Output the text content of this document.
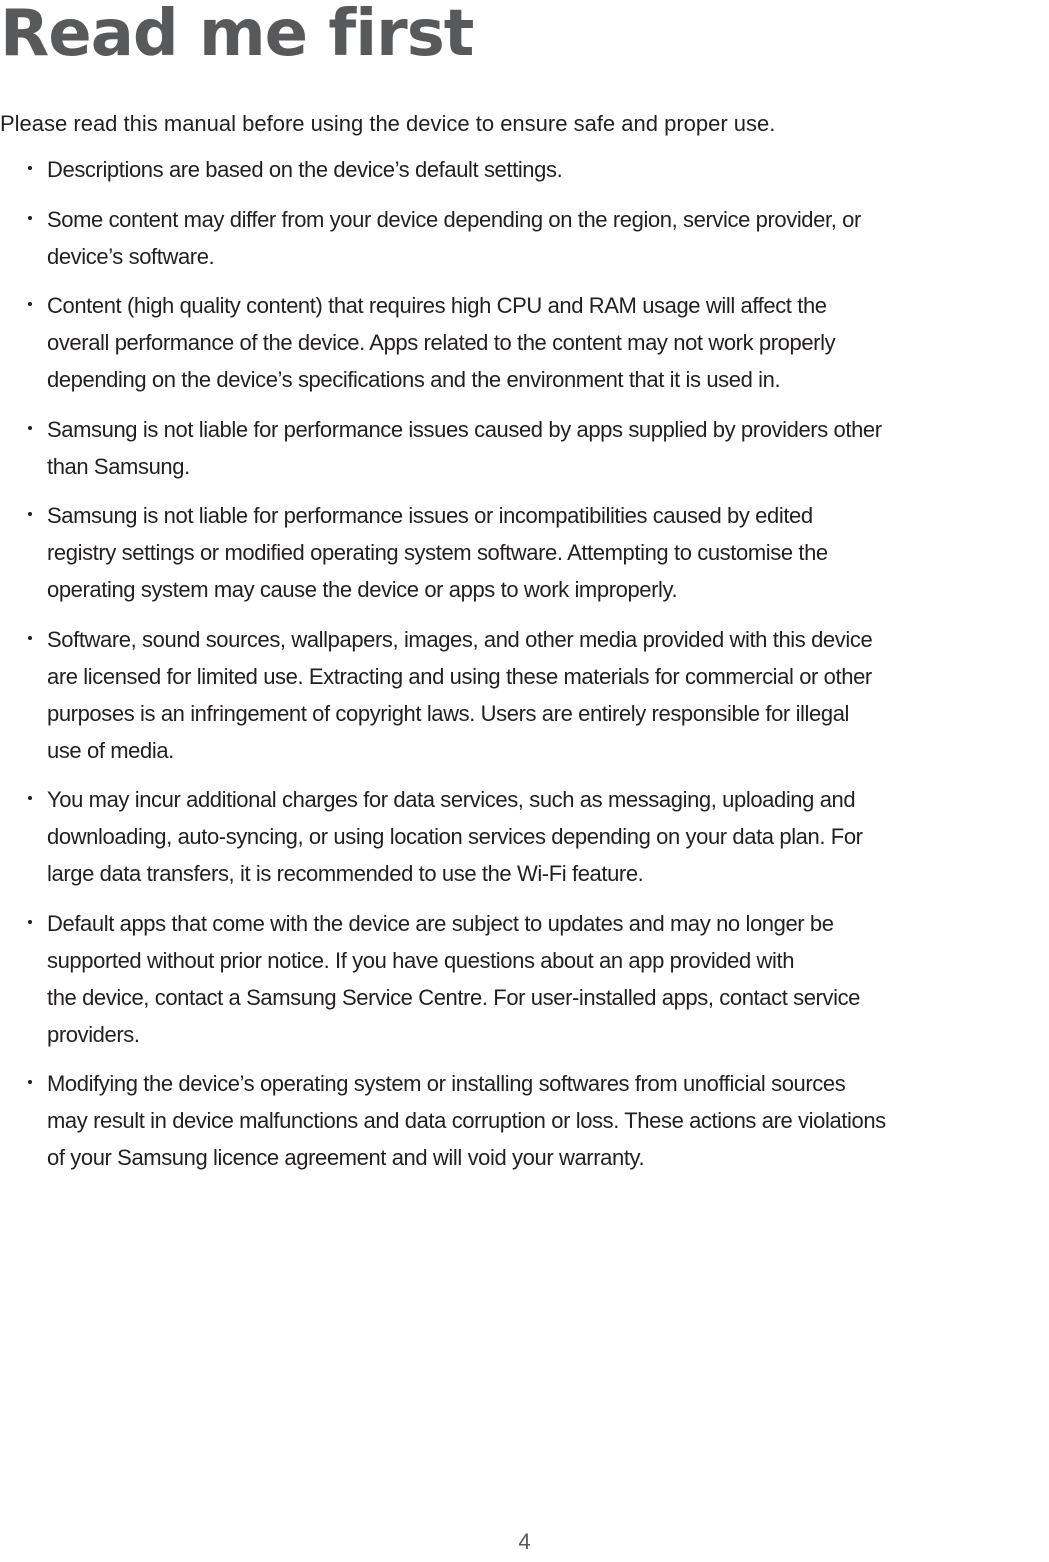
Read me first

Please read this manual before using the device to ensure safe and proper use.

Descriptions are based on the device’s default settings.
Some content may differ from your device depending on the region, service provider, or
device’s software.
Content (high quality content) that requires high CPU and RAM usage will affect the
overall performance of the device. Apps related to the content may not work properly
depending on the device’s specifications and the environment that it is used in.
Samsung is not liable for performance issues caused by apps supplied by providers other
than Samsung.
Samsung is not liable for performance issues or incompatibilities caused by edited
registry settings or modified operating system software. Attempting to customise the
operating system may cause the device or apps to work improperly.
Software, sound sources, wallpapers, images, and other media provided with this device
are licensed for limited use. Extracting and using these materials for commercial or other
purposes is an infringement of copyright laws. Users are entirely responsible for illegal
use of media.
You may incur additional charges for data services, such as messaging, uploading and
downloading, auto-syncing, or using location services depending on your data plan. For
large data transfers, it is recommended to use the Wi-Fi feature.
Default apps that come with the device are subject to updates and may no longer be
supported without prior notice. If you have questions about an app provided with
the device, contact a Samsung Service Centre. For user-installed apps, contact service
providers.
Modifying the device’s operating system or installing softwares from unofficial sources
may result in device malfunctions and data corruption or loss. These actions are violations
of your Samsung licence agreement and will void your warranty.
4
